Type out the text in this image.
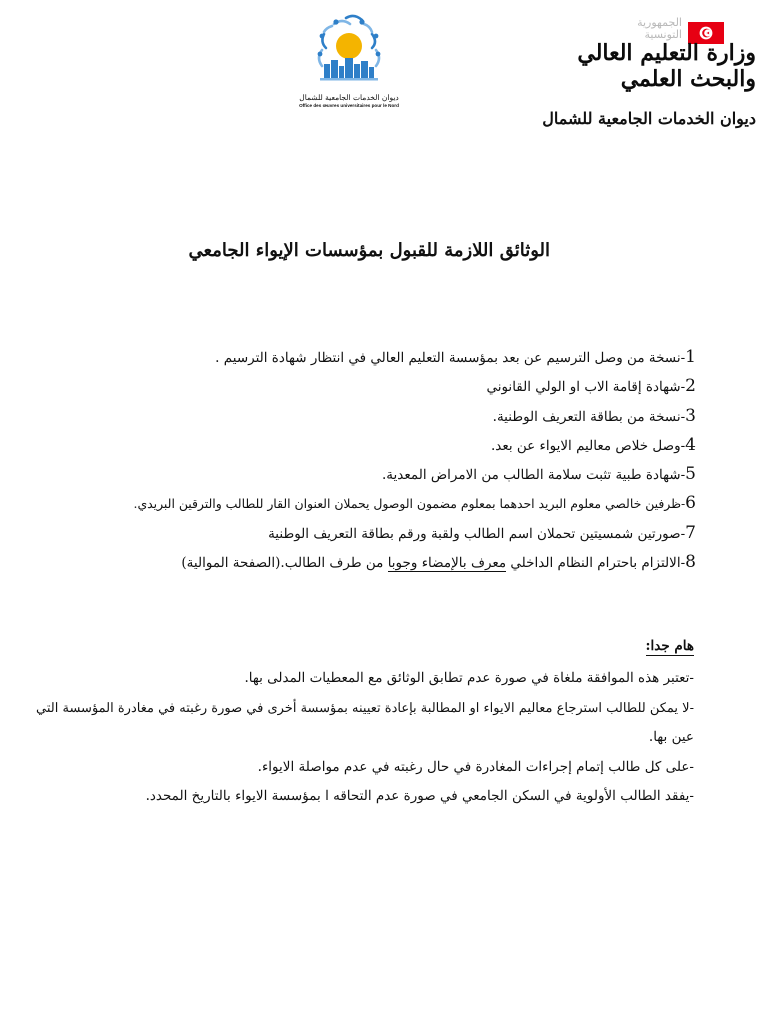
ديوان الخدمات الجامعية للشمال
Office des œuvres universitaires pour le Nord
الجمهورية التونسية
وزارة التعليم العالي والبحث العلمي
ديوان الخدمات الجامعية للشمال
الوثائق اللازمة للقبول بمؤسسات الإيواء الجامعي
1-نسخة من وصل الترسيم عن بعد بمؤسسة التعليم العالي في انتظار شهادة الترسيم .
2-شهادة إقامة الاب او الولي القانوني
3-نسخة من بطاقة التعريف الوطنية.
4-وصل خلاص معاليم الايواء عن بعد.
5-شهادة طبية تثبت سلامة الطالب من الامراض المعدية.
6-ظرفين خالصي معلوم البريد احدهما بمعلوم مضمون الوصول يحملان العنوان القار للطالب والترقين البريدي.
7-صورتين شمسيتين تحملان اسم الطالب ولقبة ورقم بطاقة التعريف الوطنية
8-الالتزام باحترام النظام الداخلي معرف بالإمضاء وجوبا من طرف الطالب.(الصفحة الموالية)
هام جدا:
-تعتبر هذه الموافقة ملغاة في صورة عدم تطابق الوثائق مع المعطيات المدلى بها.
-لا يمكن للطالب استرجاع معاليم الايواء او المطالبة بإعادة تعيينه بمؤسسة أخرى في صورة رغبته في مغادرة المؤسسة التي
عين بها.
-على كل طالب إتمام إجراءات المغادرة في حال رغبته في عدم مواصلة الايواء.
-يفقد الطالب الأولوية في السكن الجامعي في صورة عدم التحاقه ا بمؤسسة الايواء بالتاريخ المحدد.
